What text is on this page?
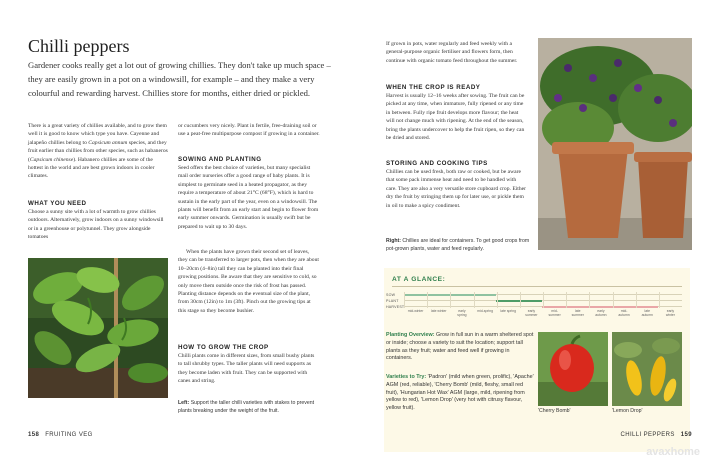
Chilli peppers
Gardener cooks really get a lot out of growing chillies. They don't take up much space – they are easily grown in a pot on a windowsill, for example – and they make a very colourful and rewarding harvest. Chillies store for months, either dried or pickled.
There is a great variety of chillies available, and to grow them well it is good to know which type you have. Cayenne and jalapeño chillies belong to Capsicum annum species, and they fruit earlier than chillies from other species, such as habaneros (Capsicum chinense). Habanero chillies are some of the hottest in the world and are best grown indoors in cooler climates.
WHAT YOU NEED
Choose a sunny site with a lot of warmth to grow chillies outdoors. Alternatively, grow indoors on a sunny windowsill or in a greenhouse or polytunnel. They grow alongside tomatoes
or cucumbers very nicely. Plant in fertile, free-draining soil or use a peat-free multipurpose compost if growing in a container.
SOWING AND PLANTING
Seed offers the best choice of varieties, but many specialist mail order nurseries offer a good range of baby plants. It is simplest to germinate seed in a heated propagator, as they require a temperature of about 21°C (68°F), which is hard to sustain in the early part of the year, even on a windowsill. The plants will benefit from an early start and begin to flower from early summer onwards. Germination is usually swift but be prepared to wait up to 30 days.
When the plants have grown their second set of leaves, they can be transferred to larger pots, then when they are about 10–20cm (4–8in) tall they can be planted into their final growing positions. Be aware that they are sensitive to cold, so only move them outside once the risk of frost has passed. Planting distance depends on the eventual size of the plant, from 30cm (12in) to 1m (3ft). Pinch out the growing tips at this stage so they become bushier.
HOW TO GROW THE CROP
Chilli plants come in different sizes, from small bushy plants to tall shrubby types. The taller plants will need supports as they become laden with fruit. They can be supported with canes and string.
Left: Support the taller chilli varieties with stakes to prevent plants breaking under the weight of the fruit.
If grown in pots, water regularly and feed weekly with a general-purpose organic fertiliser and flowers form, then continue with organic tomato feed throughout the summer.
WHEN THE CROP IS READY
Harvest is usually 12–16 weeks after sowing. The fruit can be picked at any time, when immature, fully ripened or any time in between. Fully ripe fruit develops more flavour; the heat will not change much with ripening. At the end of the season, bring the plants undercover to help the fruit ripen, so they can be dried and stored.
STORING AND COOKING TIPS
Chillies can be used fresh, both raw or cooked, but be aware that some pack immense heat and need to be handled with care. They are also a very versatile store cupboard crop. Either dry the fruit by stringing them up for later use, or pickle them in oil to make a spicy condiment.
Right: Chillies are ideal for containers. To get good crops from pot-grown plants, water and feed regularly.
AT A GLANCE:
SOW
PLANT
HARVEST
mid-winter late winter	early spring
mid-spring late spring	early summer
mid-summer
late summer
early autumn
mid-autumn
late autumn
early winter
Planting Overview: Grow in full sun in a warm sheltered spot or inside; choose a variety to suit the location; support tall plants as they fruit; water and feed well if growing in containers.
Varieties to Try: 'Padron' (mild when green, prolific), 'Apache' AGM (red, reliable), 'Cherry Bomb' (mild, fleshy, small red fruit), 'Hungarian Hot Wax' AGM (large, mild, ripening from yellow to red), 'Lemon Drop' (very hot with citrusy flavour, yellow fruit).	'Cherry Bomb'	'Lemon Drop'
158 FRUITING VEG	CHILLI PEPPERS 159
avaxhome
